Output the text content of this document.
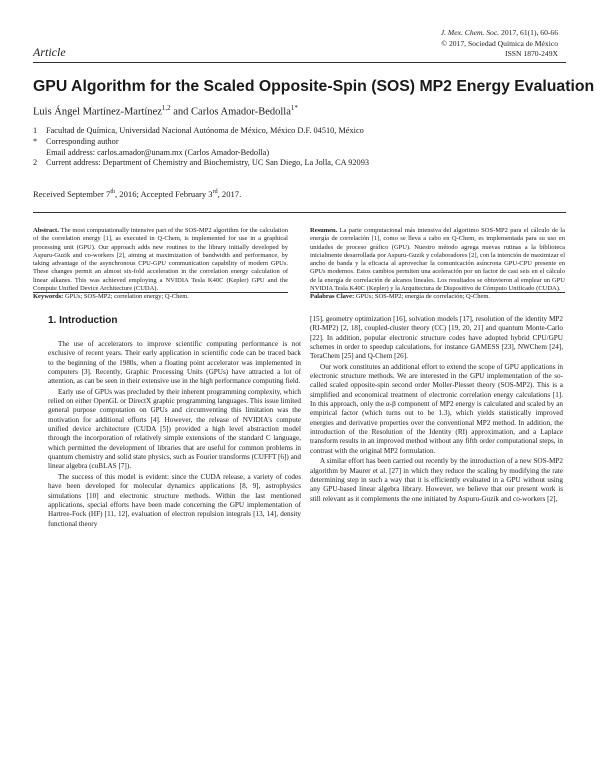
Article
J. Mex. Chem. Soc. 2017, 61(1), 60-66
© 2017, Sociedad Química de México
ISSN 1870-249X
GPU Algorithm for the Scaled Opposite-Spin (SOS) MP2 Energy Evaluation
Luis Ángel Martínez-Martínez$^{1,2}$ and Carlos Amador-Bedolla$^{1*}$
1	Facultad de Química, Universidad Nacional Autónoma de México, México D.F. 04510, México
*	Corresponding author
Email address: carlos.amador@unam.mx (Carlos Amador-Bedolla)
2	Current address: Department of Chemistry and Biochemistry, UC San Diego, La Jolla, CA 92093
Received September 7th, 2016; Accepted February 3rd, 2017.
Abstract. The most computationally intensive part of the SOS-MP2 algorithm for the calculation of the correlation energy [1], as executed in Q-Chem, is implemented for use in a graphical processing unit (GPU). Our approach adds new routines to the library initially developed by Aspuru-Guzik and co-workers [2], aiming at maximization of bandwidth and performance, by taking advantage of the asynchronous CPU-GPU communication capability of modern GPUs. These changes permit an almost six-fold acceleration in the correlation energy calculation of linear alkanes. This was achieved employing a NVIDIA Tesla K40C (Kepler) GPU and the Compute Unified Device Architecture (CUDA).
Keywords: GPUs; SOS-MP2; correlation energy; Q-Chem.
Resumen. La parte computacional más intensiva del algoritmo SOS-MP2 para el cálculo de la energía de correlación [1], como se lleva a cabo en Q-Chem, es implementada para su uso en unidades de proceso gráfico (GPU). Nuestro método agrega nuevas rutinas a la biblioteca inicialmente desarrollada por Aspuru-Guzik y colaboradores [2], con la intención de maximizar el ancho de banda y la eficacia al aprovechar la comunicación asíncrona GPU-CPU presente en GPUs modernos. Estos cambios permiten una aceleración por un factor de casi seis en el cálculo de la energía de correlación de alcanos lineales. Los resultados se obtuvieron al emplear un GPU NVIDIA Tesla K40C (Kepler) y la Arquitectura de Dispositivo de Cómputo Unificado (CUDA).
Palabras Clave: GPUs; SOS-MP2; energía de correlación; Q-Chem.
1. Introduction

The use of accelerators to improve scientific computing performance is not exclusive of recent years. Their early application in scientific code can be traced back to the beginning of the 1980s, when a floating point accelerator was implemented in computers [3]. Recently, Graphic Processing Units (GPUs) have attracted a lot of attention, as can be seen in their extensive use in the high performance computing field.

Early use of GPUs was precluded by their inherent programming complexity, which relied on either OpenGL or DirectX graphic programming languages. This issue limited general purpose computation on GPUs and circumventing this limitation was the motivation for additional efforts [4]. However, the release of NVIDIA's compute unified device architecture (CUDA [5]) provided a high level abstraction model through the incorporation of relatively simple extensions of the standard C language, which permitted the development of libraries that are useful for common problems in quantum chemistry and solid state physics, such as Fourier transforms (CUFFT [6]) and linear algebra (cuBLAS [7]).

The success of this model is evident: since the CUDA release, a variety of codes have been developed for molecular dynamics applications [8, 9], astrophysics simulations [10] and electronic structure methods. Within the last mentioned applications, special efforts have been made concerning the GPU implementation of Hartree-Fock (HF) [11, 12], evaluation of electron repulsion integrals [13, 14], density functional theory

[15], geometry optimization [16], solvation models [17], resolution of the identity MP2 (RI-MP2) [2, 18], coupled-cluster theory (CC) [19, 20, 21] and quantum Monte-Carlo [22]. In addition, popular electronic structure codes have adopted hybrid CPU/GPU schemes in order to speedup calculations, for instance GAMESS [23], NWChem [24], TeraChem [25] and Q-Chem [26].

Our work constitutes an additional effort to extend the scope of GPU applications in electronic structure methods. We are interested in the GPU implementation of the so-called scaled opposite-spin second order Moller-Plesset theory (SOS-MP2). This is a simplified and economical treatment of electronic correlation energy calculations [1]. In this approach, only the α-β component of MP2 energy is calculated and scaled by an empirical factor (which turns out to be 1.3), which yields statistically improved energies and derivative properties over the conventional MP2 method. In addition, the introduction of the Resolution of the Identity (RI) approximation, and a Laplace transform results in an improved method without any fifth order computational steps, in contrast with the original MP2 formulation.

A similar effort has been carried out recently by the introduction of a new SOS-MP2 algorithm by Maurer et al. [27] in which they reduce the scaling by modifying the rate determining step in such a way that it is efficiently evaluated in a GPU without using any GPU-based linear algebra library. However, we believe that our present work is still relevant as it complements the one initiated by Aspuru-Guzik and co-workers [2],
